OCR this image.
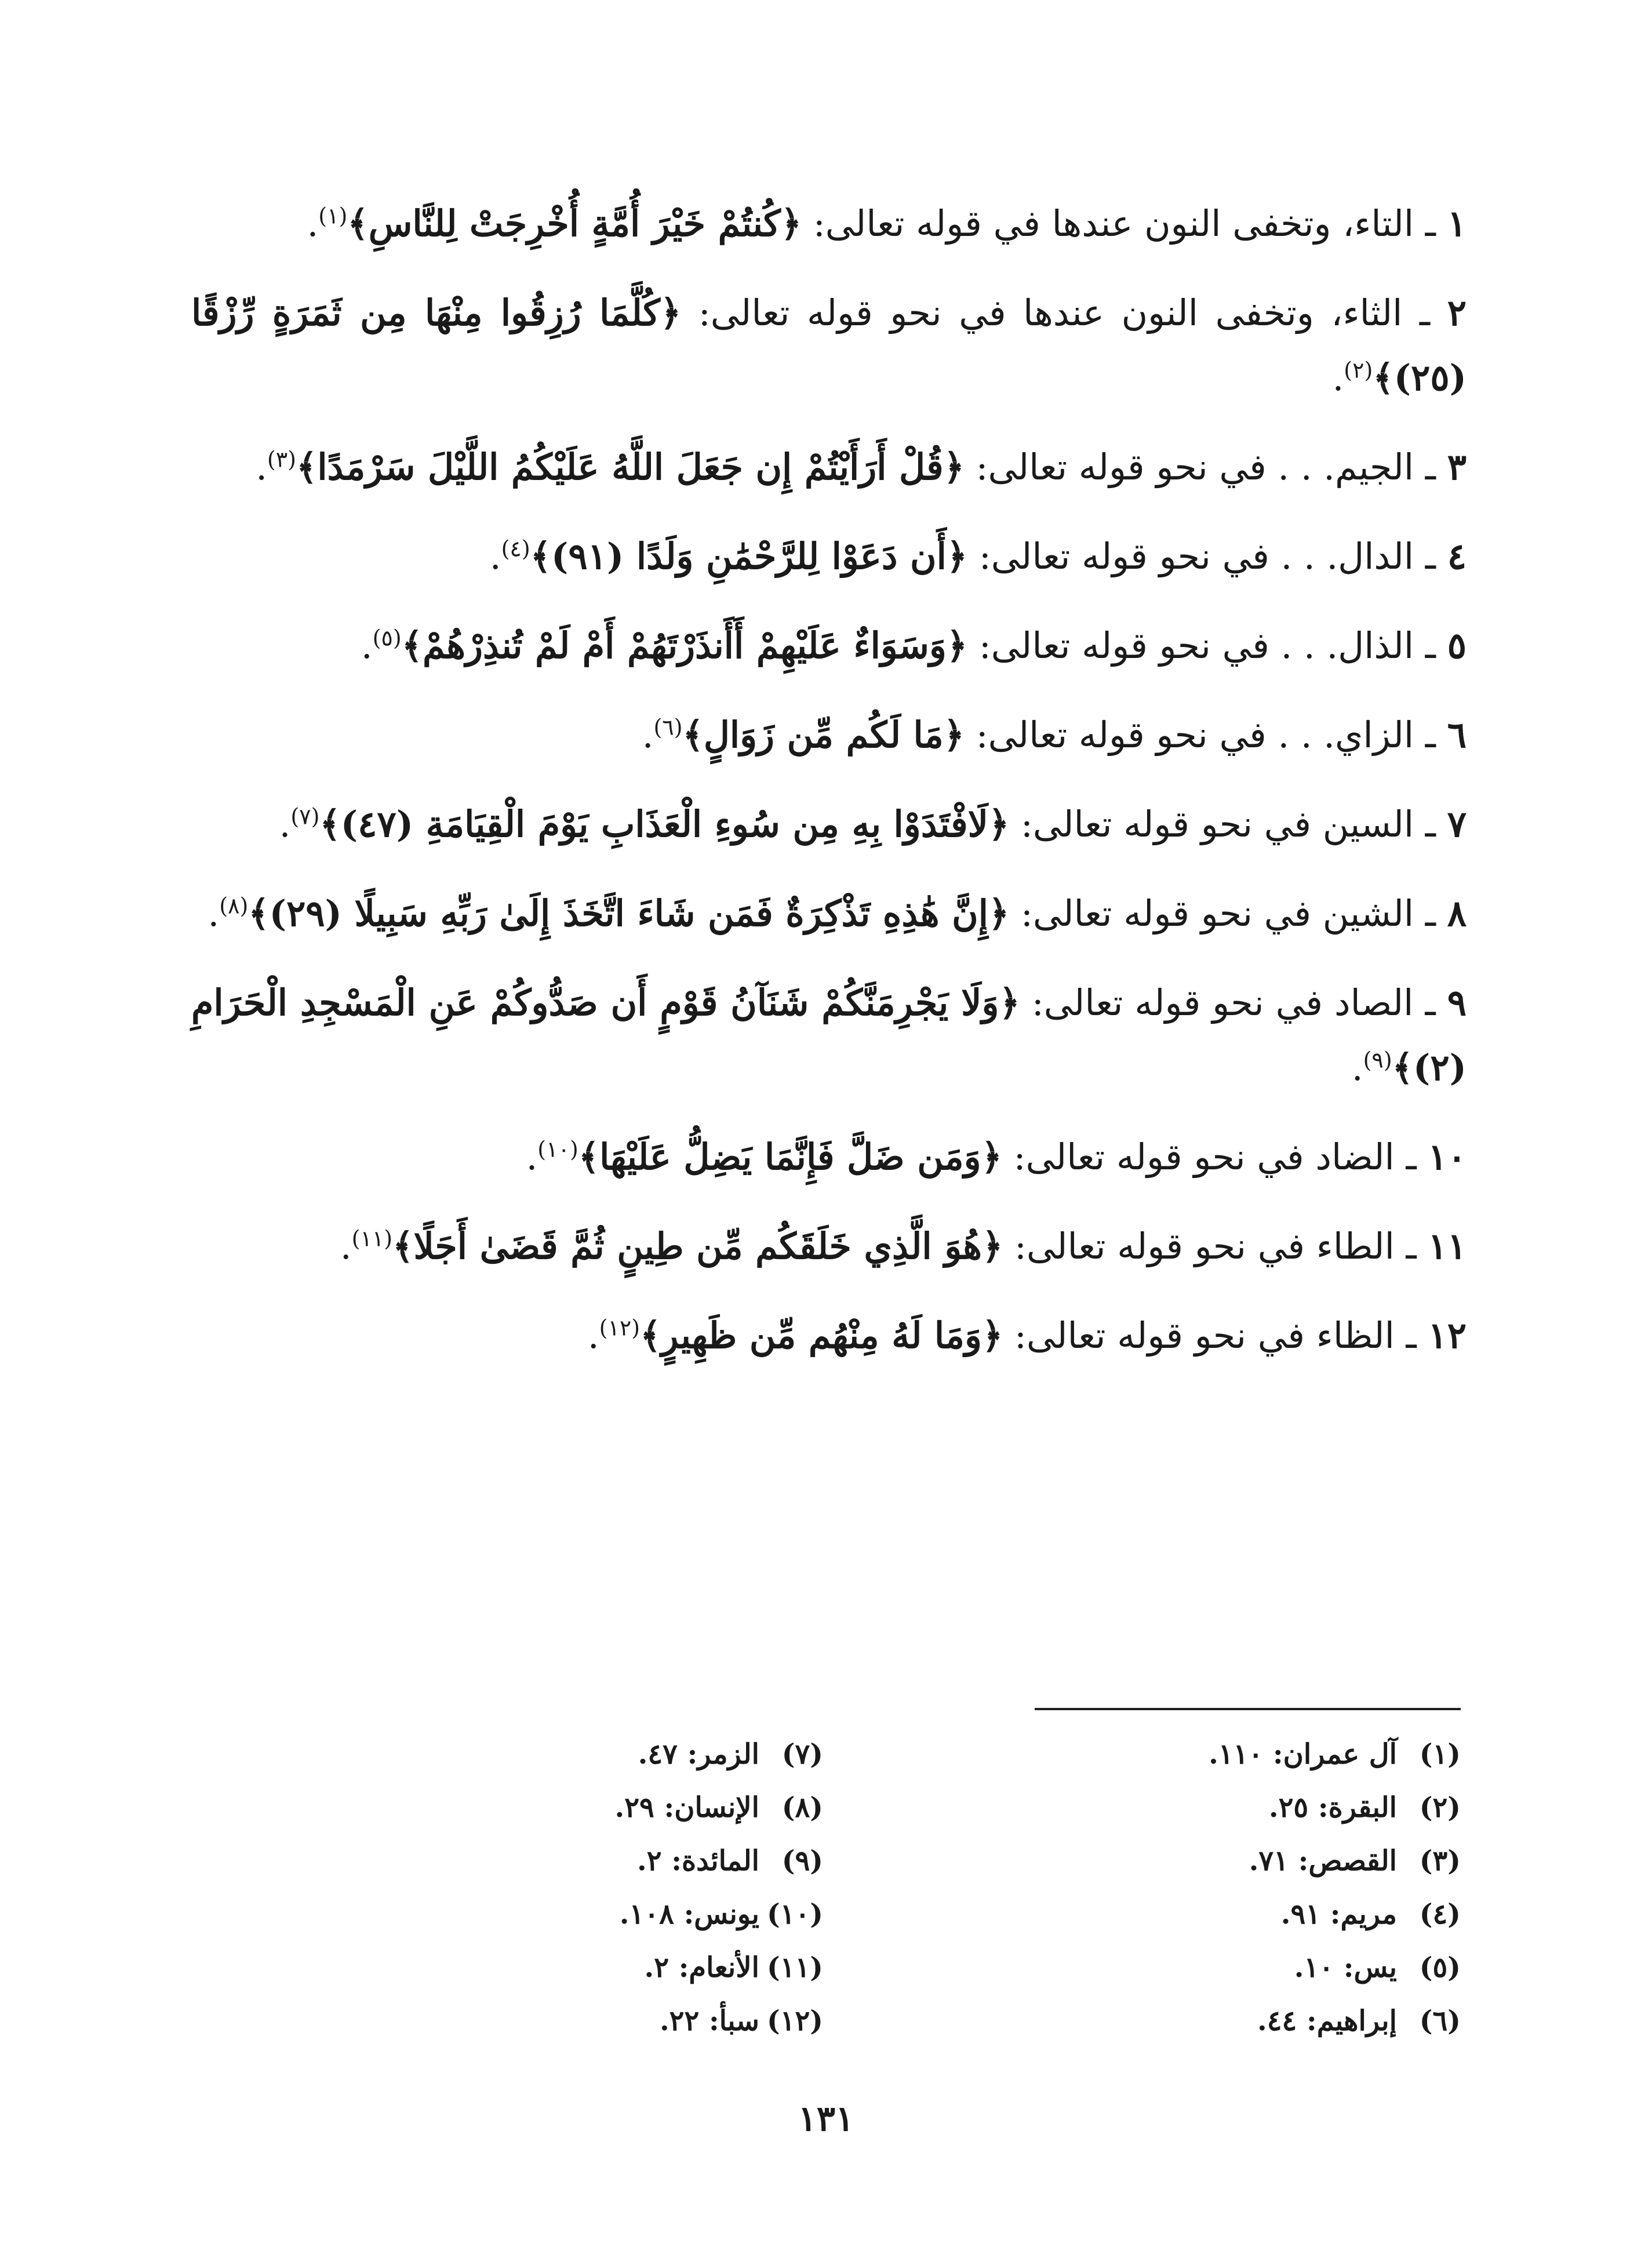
١ ـ التاء، وتخفى النون عندها في قوله تعالى: ﴿كُنتُمْ خَيْرَ أُمَّةٍ أُخْرِجَتْ لِلنَّاسِ﴾$^{(١)}$.

٢ ـ الثاء، وتخفى النون عندها في نحو قوله تعالى: ﴿كُلَّمَا رُزِقُوا مِنْهَا مِن ثَمَرَةٍ رِّزْقًا (٢٥)﴾$^{(٢)}$.

٣ ـ الجيم. . . في نحو قوله تعالى: ﴿قُلْ أَرَأَيْتُمْ إِن جَعَلَ اللَّهُ عَلَيْكُمُ اللَّيْلَ سَرْمَدًا﴾$^{(٣)}$.

٤ ـ الدال. . . في نحو قوله تعالى: ﴿أَن دَعَوْا لِلرَّحْمَٰنِ وَلَدًا (٩١)﴾$^{(٤)}$.

٥ ـ الذال. . . في نحو قوله تعالى: ﴿وَسَوَاءٌ عَلَيْهِمْ أَأَنذَرْتَهُمْ أَمْ لَمْ تُنذِرْهُمْ﴾$^{(٥)}$.

٦ ـ الزاي. . . في نحو قوله تعالى: ﴿مَا لَكُم مِّن زَوَالٍ﴾$^{(٦)}$.

٧ ـ السين في نحو قوله تعالى: ﴿لَافْتَدَوْا بِهِ مِن سُوءِ الْعَذَابِ يَوْمَ الْقِيَامَةِ (٤٧)﴾$^{(٧)}$.

٨ ـ الشين في نحو قوله تعالى: ﴿إِنَّ هَٰذِهِ تَذْكِرَةٌ فَمَن شَاءَ اتَّخَذَ إِلَىٰ رَبِّهِ سَبِيلًا (٢٩)﴾$^{(٨)}$.

٩ ـ الصاد في نحو قوله تعالى: ﴿وَلَا يَجْرِمَنَّكُمْ شَنَآنُ قَوْمٍ أَن صَدُّوكُمْ عَنِ الْمَسْجِدِ الْحَرَامِ (٢)﴾$^{(٩)}$.

١٠ ـ الضاد في نحو قوله تعالى: ﴿وَمَن ضَلَّ فَإِنَّمَا يَضِلُّ عَلَيْهَا﴾$^{(١٠)}$.

١١ ـ الطاء في نحو قوله تعالى: ﴿هُوَ الَّذِي خَلَقَكُم مِّن طِينٍ ثُمَّ قَضَىٰ أَجَلًا﴾$^{(١١)}$.

١٢ ـ الظاء في نحو قوله تعالى: ﴿وَمَا لَهُ مِنْهُم مِّن ظَهِيرٍ﴾$^{(١٢)}$.

(١)آل عمران: ١١٠.
(٢)البقرة: ٢٥.
(٣)القصص: ٧١.
(٤)مريم: ٩١.
(٥)يس: ١٠.
(٦)إبراهيم: ٤٤.
(٧)الزمر: ٤٧.
(٨)الإنسان: ٢٩.
(٩)المائدة: ٢.
(١٠)يونس: ١٠٨.
(١١)الأنعام: ٢.
(١٢)سبأ: ٢٢.
١٣١
